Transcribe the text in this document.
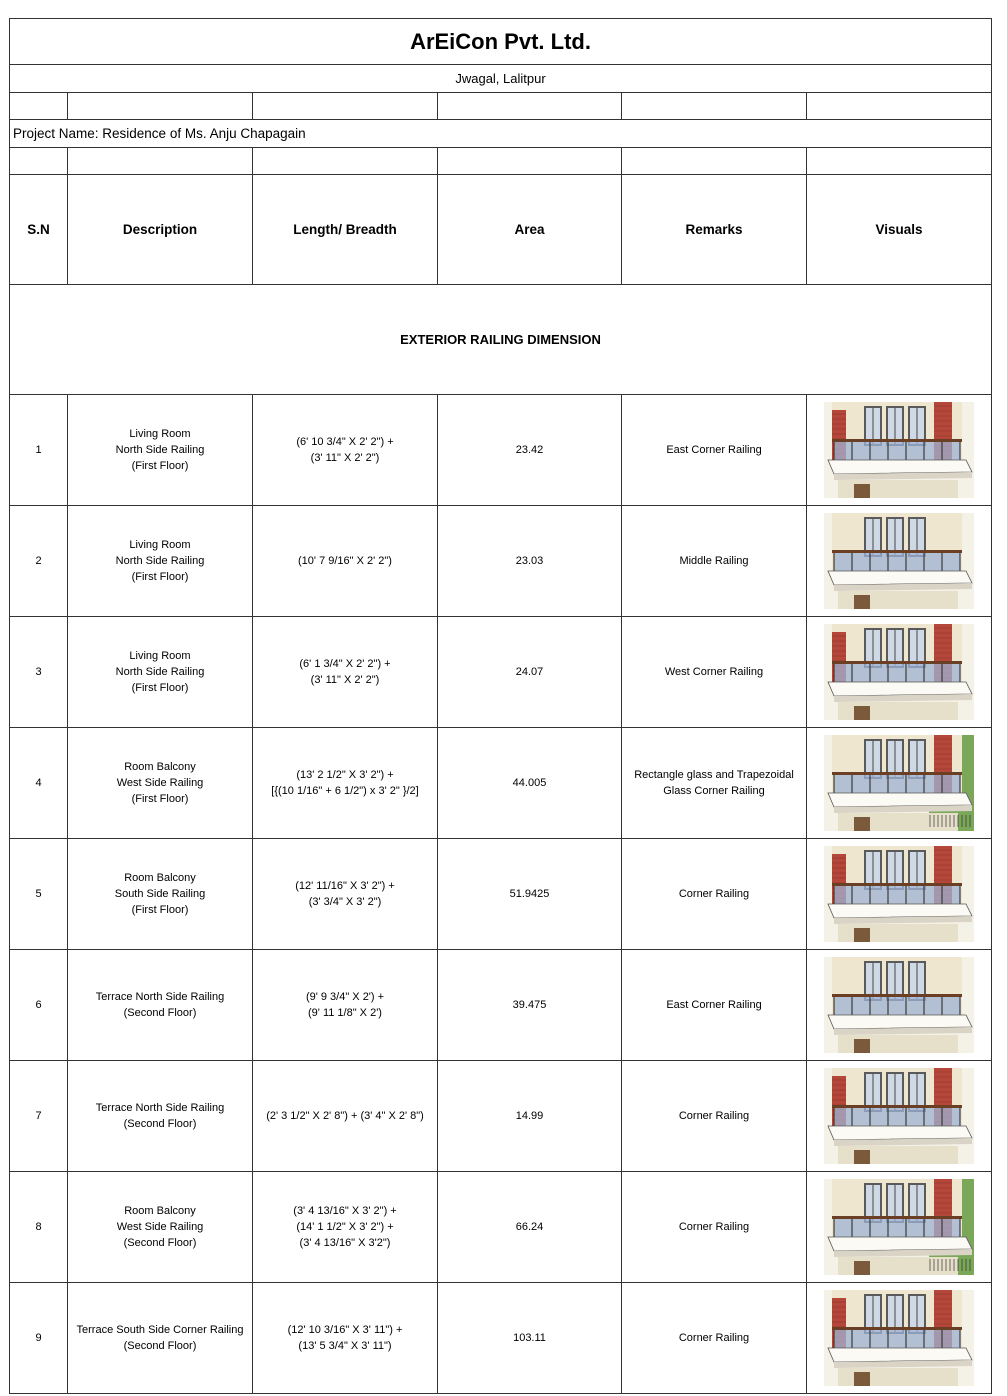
ArEiCon Pvt. Ltd.					
Jwagal, Lalitpur					

Project Name: Residence of Ms. Anju Chapagain					

S.N	Description	Length/ Breadth	Area	Remarks	Visuals
EXTERIOR RAILING DIMENSION					
1	Living Room
North Side Railing
(First Floor)	(6' 10 3/4" X 2' 2") +
(3' 11" X 2' 2")	23.42	East Corner Railing

2	Living Room
North Side Railing
(First Floor)	(10' 7 9/16" X 2' 2")	23.03	Middle Railing

3	Living Room
North Side Railing
(First Floor)	(6' 1 3/4" X 2' 2") +
(3' 11" X 2' 2")	24.07	West Corner Railing

4	Room Balcony
West Side Railing
(First Floor)	(13' 2 1/2" X 3' 2") +
[{(10 1/16" + 6 1/2") x 3' 2" }/2]	44.005	Rectangle glass and Trapezoidal
Glass Corner Railing

5	Room Balcony
South Side Railing
(First Floor)	(12' 11/16" X 3' 2") +
(3' 3/4" X 3' 2")	51.9425	Corner Railing

6	Terrace North Side Railing
(Second Floor)	(9' 9 3/4" X 2') +
(9' 11 1/8" X 2')	39.475	East Corner Railing

7	Terrace North Side Railing
(Second Floor)	(2' 3 1/2" X 2' 8") + (3' 4" X 2' 8")	14.99	Corner Railing

8	Room Balcony
West Side Railing
(Second Floor)	(3' 4 13/16" X 3' 2") +
(14' 1 1/2" X 3' 2") +
(3' 4 13/16" X 3'2")	66.24	Corner Railing

9	Terrace South Side Corner Railing
(Second Floor)	(12' 10 3/16" X 3' 11") +
(13' 5 3/4" X 3' 11")	103.11	Corner Railing
